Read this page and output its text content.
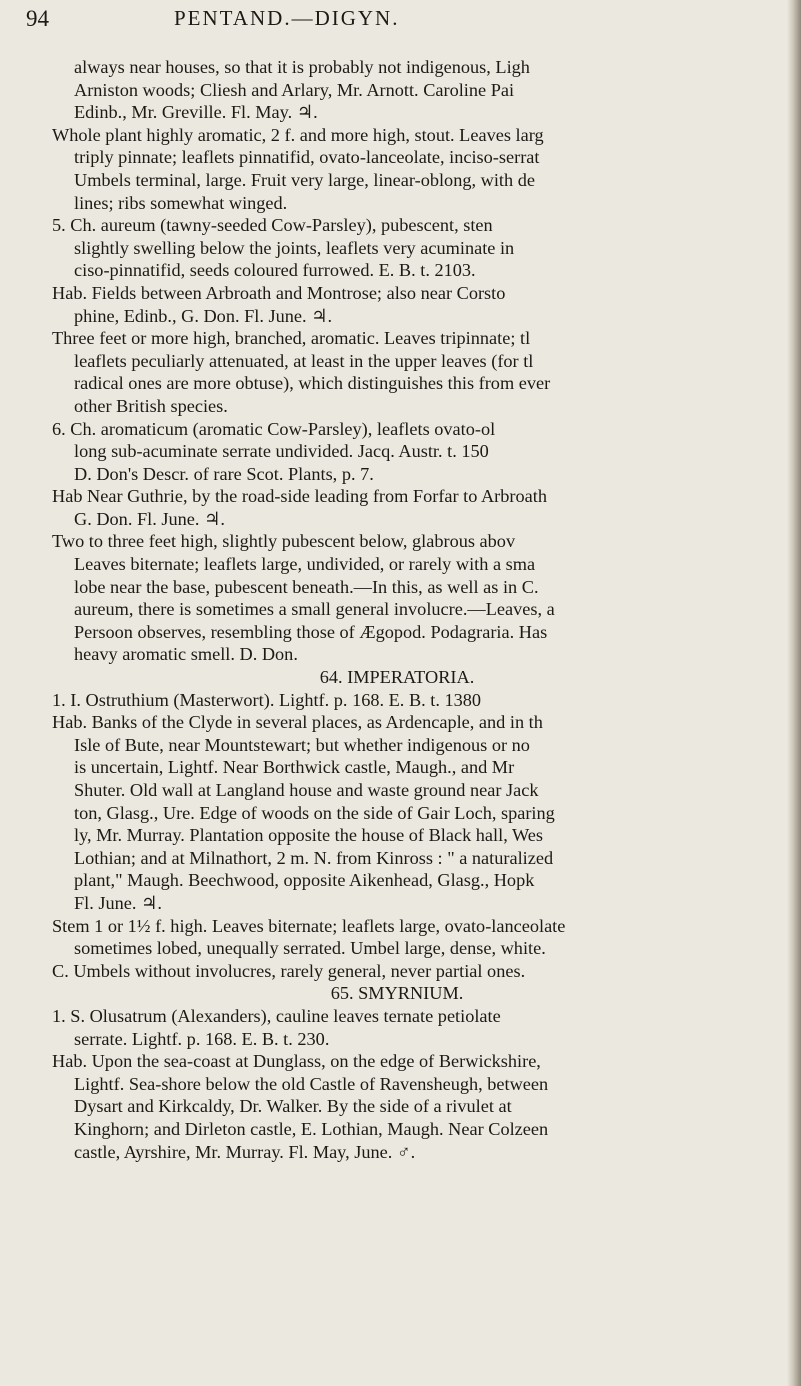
94	PENTAND.—DIGYN.
always near houses, so that it is probably not indigenous, Ligh
Arniston woods; Cliesh and Arlary, Mr. Arnott. Caroline Pai
Edinb., Mr. Greville. Fl. May. ♃.
Whole plant highly aromatic, 2 f. and more high, stout. Leaves larg
triply pinnate; leaflets pinnatifid, ovato-lanceolate, inciso-serrat
Umbels terminal, large. Fruit very large, linear-oblong, with de
lines; ribs somewhat winged.
5. Ch. aureum (tawny-seeded Cow-Parsley), pubescent, sten
slightly swelling below the joints, leaflets very acuminate in
ciso-pinnatifid, seeds coloured furrowed. E. B. t. 2103.
Hab. Fields between Arbroath and Montrose; also near Corsto
phine, Edinb., G. Don. Fl. June. ♃.
Three feet or more high, branched, aromatic. Leaves tripinnate; tl
leaflets peculiarly attenuated, at least in the upper leaves (for tl
radical ones are more obtuse), which distinguishes this from ever
other British species.
6. Ch. aromaticum (aromatic Cow-Parsley), leaflets ovato-ol
long sub-acuminate serrate undivided. Jacq. Austr. t. 150
D. Don's Descr. of rare Scot. Plants, p. 7.
Hab Near Guthrie, by the road-side leading from Forfar to Arbroath
G. Don. Fl. June. ♃.
Two to three feet high, slightly pubescent below, glabrous abov
Leaves biternate; leaflets large, undivided, or rarely with a sma
lobe near the base, pubescent beneath.—In this, as well as in C.
aureum, there is sometimes a small general involucre.—Leaves, a
Persoon observes, resembling those of Ægopod. Podagraria. Has
heavy aromatic smell. D. Don.
64. IMPERATORIA.
1. I. Ostruthium (Masterwort). Lightf. p. 168. E. B. t. 1380
Hab. Banks of the Clyde in several places, as Ardencaple, and in th
Isle of Bute, near Mountstewart; but whether indigenous or no
is uncertain, Lightf. Near Borthwick castle, Maugh., and Mr
Shuter. Old wall at Langland house and waste ground near Jack
ton, Glasg., Ure. Edge of woods on the side of Gair Loch, sparing
ly, Mr. Murray. Plantation opposite the house of Black hall, Wes
Lothian; and at Milnathort, 2 m. N. from Kinross : " a naturalized
plant," Maugh. Beechwood, opposite Aikenhead, Glasg., Hopk
Fl. June. ♃.
Stem 1 or 1½ f. high. Leaves biternate; leaflets large, ovato-lanceolate
sometimes lobed, unequally serrated. Umbel large, dense, white.
C. Umbels without involucres, rarely general, never partial ones.
65. SMYRNIUM.
1. S. Olusatrum (Alexanders), cauline leaves ternate petiolate
serrate. Lightf. p. 168. E. B. t. 230.
Hab. Upon the sea-coast at Dunglass, on the edge of Berwickshire,
Lightf. Sea-shore below the old Castle of Ravensheugh, between
Dysart and Kirkcaldy, Dr. Walker. By the side of a rivulet at
Kinghorn; and Dirleton castle, E. Lothian, Maugh. Near Colzeen
castle, Ayrshire, Mr. Murray. Fl. May, June. ♂.
